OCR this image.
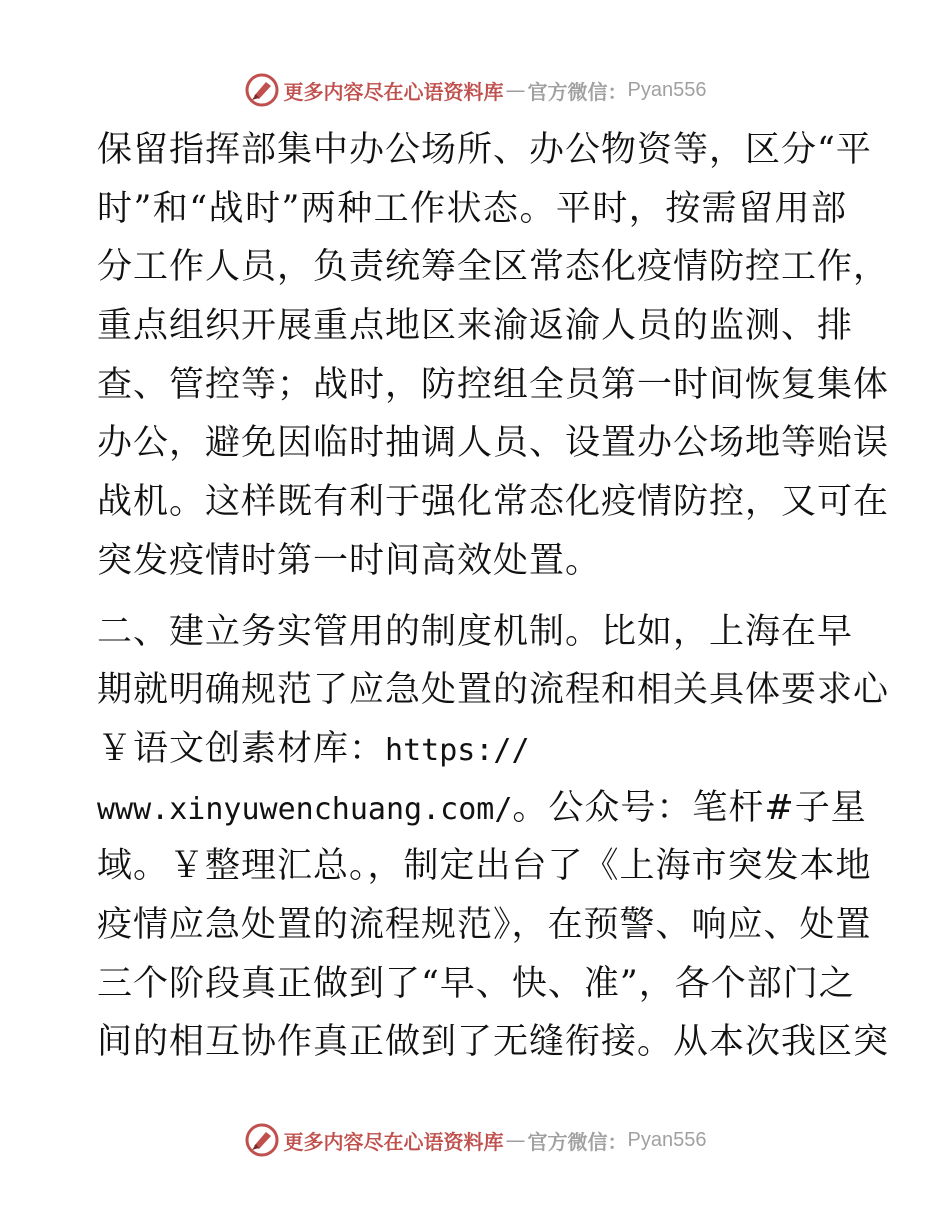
更多内容尽在心语资料库 — 官方微信： Pyan556
保留指挥部集中办公场所、办公物资等，区分“平
时”和“战时”两种工作状态。平时，按需留用部
分工作人员，负责统筹全区常态化疫情防控工作，
重点组织开展重点地区来渝返渝人员的监测、排
查、管控等；战时，防控组全员第一时间恢复集体
办公，避免因临时抽调人员、设置办公场地等贻误
战机。这样既有利于强化常态化疫情防控，又可在
突发疫情时第一时间高效处置。
二、建立务实管用的制度机制。比如，上海在早
期就明确规范了应急处置的流程和相关具体要求心
￥语文创素材库：https://
www.xinyuwenchuang.com/。公众号：笔杆#子星
域。￥整理汇总。，制定出台了《上海市突发本地
疫情应急处置的流程规范》，在预警、响应、处置
三个阶段真正做到了“早、快、准”，各个部门之
间的相互协作真正做到了无缝衔接。从本次我区突
更多内容尽在心语资料库 — 官方微信： Pyan556
